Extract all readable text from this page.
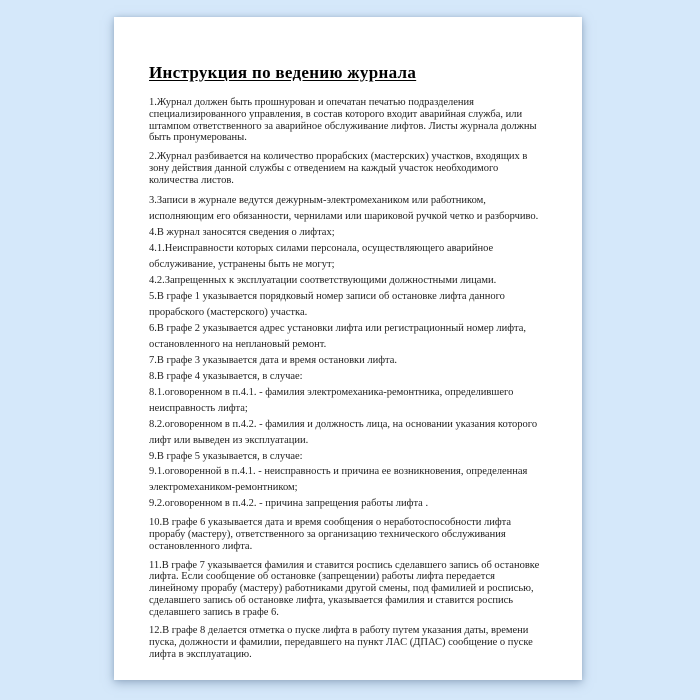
Инструкция по ведению журнала

1.Журнал должен быть прошнурован и опечатан печатью подразделения специализированного управления, в состав которого входит аварийная служба, или штампом ответственного за аварийное обслуживание лифтов. Листы журнала должны быть пронумерованы.

2.Журнал разбивается на количество прорабских (мастерских) участков, входящих в зону действия данной службы с отведением на каждый участок необходимого количества листов.

3.Записи в журнале ведутся дежурным-электромехаником или работником, исполняющим его обязанности, чернилами или шариковой ручкой четко и разборчиво.

4.В журнал заносятся сведения о лифтах;

4.1.Неисправности которых силами персонала, осуществляющего аварийное обслуживание, устранены быть не могут;

4.2.Запрещенных к эксплуатации соответствующими должностными лицами.

5.В графе 1 указывается порядковый номер записи об остановке лифта данного прорабского (мастерского) участка.

6.В графе 2 указывается адрес установки лифта или регистрационный номер лифта, остановленного на неплановый ремонт.

7.В графе 3 указывается дата и время остановки лифта.

8.В графе 4 указывается, в случае:

8.1.оговоренном в п.4.1. - фамилия электромеханика-ремонтника, определившего неисправность лифта;

8.2.оговоренном в п.4.2. - фамилия и должность лица, на основании указания которого лифт или выведен из эксплуатации.

9.В графе 5 указывается, в случае:

9.1.оговоренной в п.4.1. - неисправность и причина ее возникновения, определенная электромехаником-ремонтником;

9.2.оговоренном в п.4.2. - причина запрещения работы лифта .

10.В графе 6 указывается дата и время сообщения о неработоспособности лифта прорабу (мастеру), ответственного за организацию технического обслуживания остановленного лифта.

11.В графе 7 указывается фамилия и ставится роспись сделавшего запись об остановке лифта. Если сообщение об остановке (запрещении) работы лифта передается линейному прорабу (мастеру) работниками другой смены, под фамилией и росписью, сделавшего запись об остановке лифта, указывается фамилия и ставится роспись сделавшего запись в графе 6.

12.В графе 8 делается отметка о пуске лифта в работу путем указания даты, времени пуска, должности и фамилии, передавшего на пункт ЛАС (ДПАС) сообщение о пуске лифта в эксплуатацию.
